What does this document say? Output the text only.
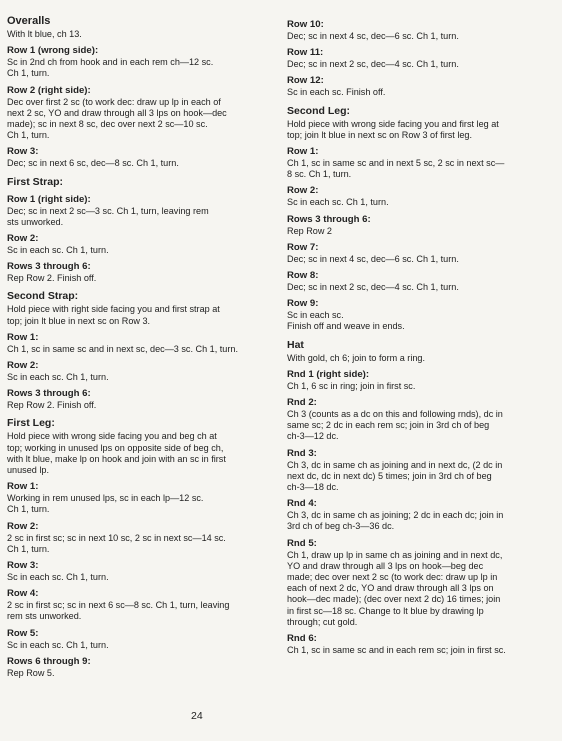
Overalls
With lt blue, ch 13.
Row 1 (wrong side):
Sc in 2nd ch from hook and in each rem ch—12 sc.
Ch 1, turn.
Row 2 (right side):
Dec over first 2 sc (to work dec: draw up lp in each of
next 2 sc, YO and draw through all 3 lps on hook—dec
made); sc in next 8 sc, dec over next 2 sc—10 sc.
Ch 1, turn.
Row 3:
Dec; sc in next 6 sc, dec—8 sc. Ch 1, turn.
First Strap:
Row 1 (right side):
Dec; sc in next 2 sc—3 sc. Ch 1, turn, leaving rem
sts unworked.
Row 2:
Sc in each sc. Ch 1, turn.
Rows 3 through 6:
Rep Row 2. Finish off.
Second Strap:
Hold piece with right side facing you and first strap at
top; join lt blue in next sc on Row 3.
Row 1:
Ch 1, sc in same sc and in next sc, dec—3 sc. Ch 1, turn.
Row 2:
Sc in each sc. Ch 1, turn.
Rows 3 through 6:
Rep Row 2. Finish off.
First Leg:
Hold piece with wrong side facing you and beg ch at
top; working in unused lps on opposite side of beg ch,
with lt blue, make lp on hook and join with an sc in first
unused lp.
Row 1:
Working in rem unused lps, sc in each lp—12 sc.
Ch 1, turn.
Row 2:
2 sc in first sc; sc in next 10 sc, 2 sc in next sc—14 sc.
Ch 1, turn.
Row 3:
Sc in each sc. Ch 1, turn.
Row 4:
2 sc in first sc; sc in next 6 sc—8 sc. Ch 1, turn, leaving
rem sts unworked.
Row 5:
Sc in each sc. Ch 1, turn.
Rows 6 through 9:
Rep Row 5.
Row 10:
Dec; sc in next 4 sc, dec—6 sc. Ch 1, turn.
Row 11:
Dec; sc in next 2 sc, dec—4 sc. Ch 1, turn.
Row 12:
Sc in each sc. Finish off.
Second Leg:
Hold piece with wrong side facing you and first leg at
top; join lt blue in next sc on Row 3 of first leg.
Row 1:
Ch 1, sc in same sc and in next 5 sc, 2 sc in next sc—
8 sc. Ch 1, turn.
Row 2:
Sc in each sc. Ch 1, turn.
Rows 3 through 6:
Rep Row 2
Row 7:
Dec; sc in next 4 sc, dec—6 sc. Ch 1, turn.
Row 8:
Dec; sc in next 2 sc, dec—4 sc. Ch 1, turn.
Row 9:
Sc in each sc.
Finish off and weave in ends.
Hat
With gold, ch 6; join to form a ring.
Rnd 1 (right side):
Ch 1, 6 sc in ring; join in first sc.
Rnd 2:
Ch 3 (counts as a dc on this and following rnds), dc in
same sc; 2 dc in each rem sc; join in 3rd ch of beg
ch-3—12 dc.
Rnd 3:
Ch 3, dc in same ch as joining and in next dc, (2 dc in
next dc, dc in next dc) 5 times; join in 3rd ch of beg
ch-3—18 dc.
Rnd 4:
Ch 3, dc in same ch as joining; 2 dc in each dc; join in
3rd ch of beg ch-3—36 dc.
Rnd 5:
Ch 1, draw up lp in same ch as joining and in next dc,
YO and draw through all 3 lps on hook—beg dec
made; dec over next 2 sc (to work dec: draw up lp in
each of next 2 dc, YO and draw through all 3 lps on
hook—dec made); (dec over next 2 dc) 16 times; join
in first sc—18 sc. Change to lt blue by drawing lp
through; cut gold.
Rnd 6:
Ch 1, sc in same sc and in each rem sc; join in first sc.
24
